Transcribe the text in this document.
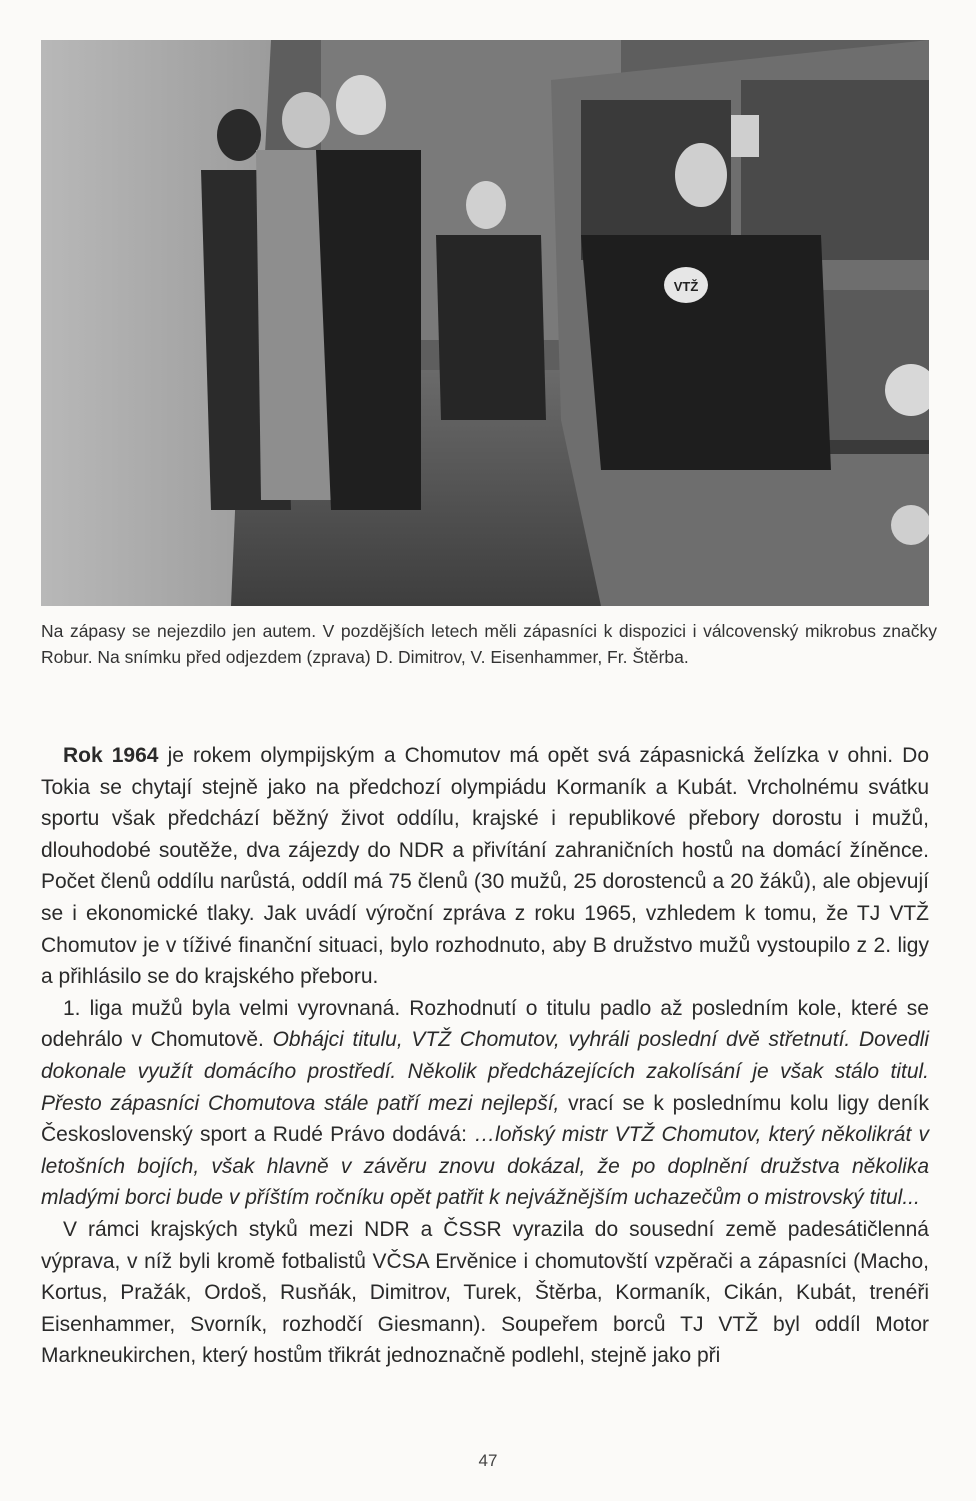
VTŽ
Na zápasy se nejezdilo jen autem. V pozdějších letech měli zápasníci k dispozici i válcovenský mikrobus značky Robur. Na snímku před odjezdem (zprava) D. Dimitrov, V. Eisenhammer, Fr. Štěrba.

Rok 1964 je rokem olympijským a Chomutov má opět svá zápasnická želízka v ohni. Do Tokia se chytají stejně jako na předchozí olympiádu Kormaník a Kubát. Vrcholnému svátku sportu však předchází běžný život oddílu, krajské i republikové přebory dorostu i mužů, dlouhodobé soutěže, dva zájezdy do NDR a přivítání zahraničních hostů na domácí žíněnce. Počet členů oddílu narůstá, oddíl má 75 členů (30 mužů, 25 dorostenců a 20 žáků), ale objevují se i ekonomické tlaky. Jak uvádí výroční zpráva z roku 1965, vzhledem k tomu, že TJ VTŽ Chomutov je v tíživé finanční situaci, bylo rozhodnuto, aby B družstvo mužů vystoupilo z 2. ligy a přihlásilo se do krajského přeboru.

1. liga mužů byla velmi vyrovnaná. Rozhodnutí o titulu padlo až posledním kole, které se odehrálo v Chomutově. Obhájci titulu, VTŽ Chomutov, vyhráli poslední dvě střetnutí. Dovedli dokonale využít domácího prostředí. Několik předcházejících zakolísání je však stálo titul. Přesto zápasníci Chomutova stále patří mezi nejlepší, vrací se k poslednímu kolu ligy deník Československý sport a Rudé Právo dodává: …loňský mistr VTŽ Chomutov, který několikrát v letošních bojích, však hlavně v závěru znovu dokázal, že po doplnění družstva několika mladými borci bude v příštím ročníku opět patřit k nejvážnějším uchazečům o mistrovský titul...

V rámci krajských styků mezi NDR a ČSSR vyrazila do sousední země padesátičlenná výprava, v níž byli kromě fotbalistů VČSA Ervěnice i chomutovští vzpěrači a zápasníci (Macho, Kortus, Pražák, Ordoš, Rusňák, Dimitrov, Turek, Štěrba, Kormaník, Cikán, Kubát, trenéři Eisenhammer, Svorník, rozhodčí Giesmann). Soupeřem borců TJ VTŽ byl oddíl Motor Markneukirchen, který hostům třikrát jednoznačně podlehl, stejně jako při

47
